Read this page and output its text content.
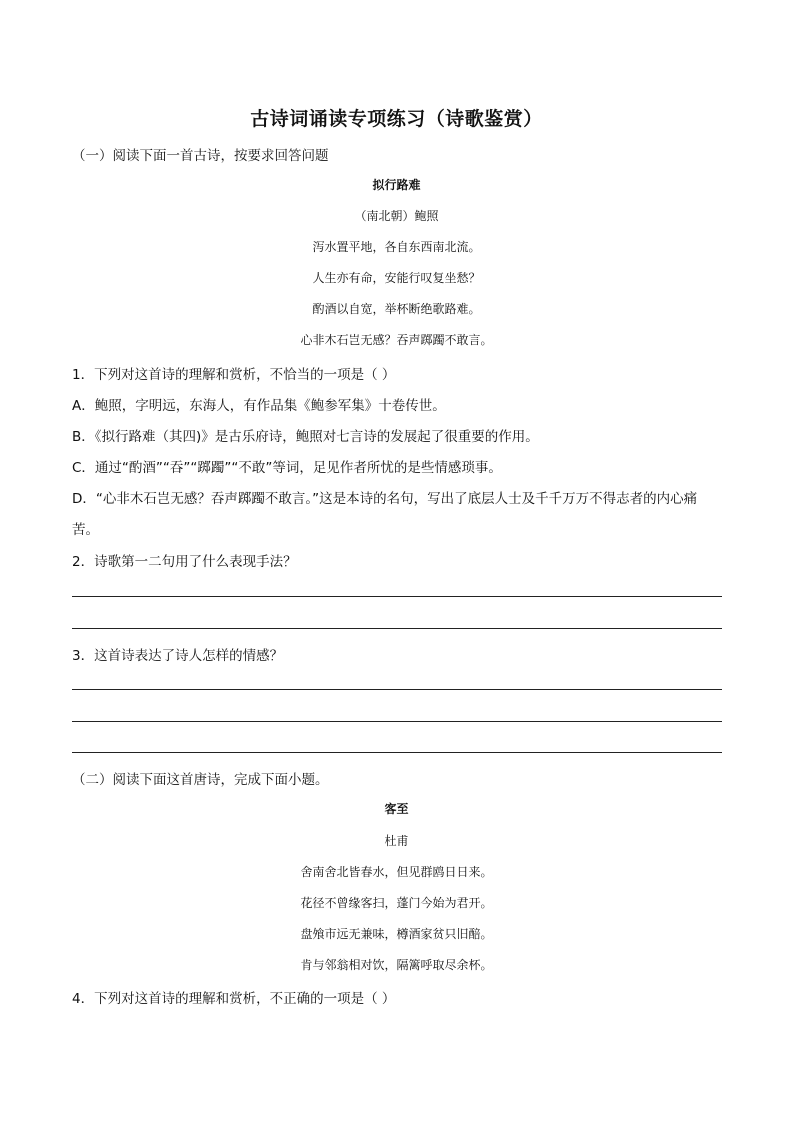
古诗词诵读专项练习（诗歌鉴赏）
（一）阅读下面一首古诗，按要求回答问题
拟行路难
（南北朝）鲍照
泻水置平地，各自东西南北流。
人生亦有命，安能行叹复坐愁？
酌酒以自宽，举杯断绝歌路难。
心非木石岂无感？吞声踯躅不敢言。
1．下列对这首诗的理解和赏析，不恰当的一项是（ ）
A．鲍照，字明远，东海人，有作品集《鲍参军集》十卷传世。
B．《拟行路难（其四)》是古乐府诗，鲍照对七言诗的发展起了很重要的作用。
C．通过“酌酒”“吞”“踯躅”“不敢”等词，足见作者所忧的是些情感琐事。
D．“心非木石岂无感？吞声踯躅不敢言。”这是本诗的名句，写出了底层人士及千千万万不得志者的内心痛
苦。
2．诗歌第一二句用了什么表现手法？
3．这首诗表达了诗人怎样的情感？
（二）阅读下面这首唐诗，完成下面小题。
客至
杜甫
舍南舍北皆春水，但见群鸥日日来。
花径不曾缘客扫，蓬门今始为君开。
盘飧市远无兼味，樽酒家贫只旧醅。
肯与邻翁相对饮，隔篱呼取尽余杯。
4．下列对这首诗的理解和赏析，不正确的一项是（ ）
